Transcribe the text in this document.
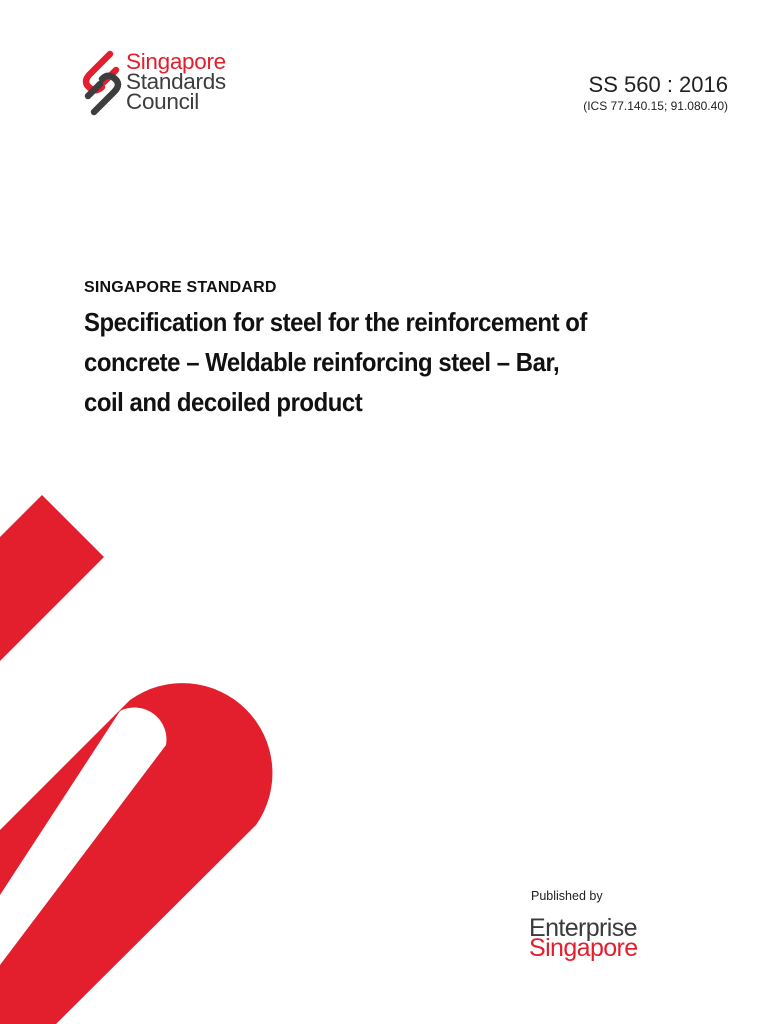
Singapore
Standards
Council
SS 560 : 2016
(ICS 77.140.15; 91.080.40)
SINGAPORE STANDARD
Specification for steel for the reinforcement of concrete – Weldable reinforcing steel – Bar, coil and decoiled product
Published by
Enterprise
Singapore
